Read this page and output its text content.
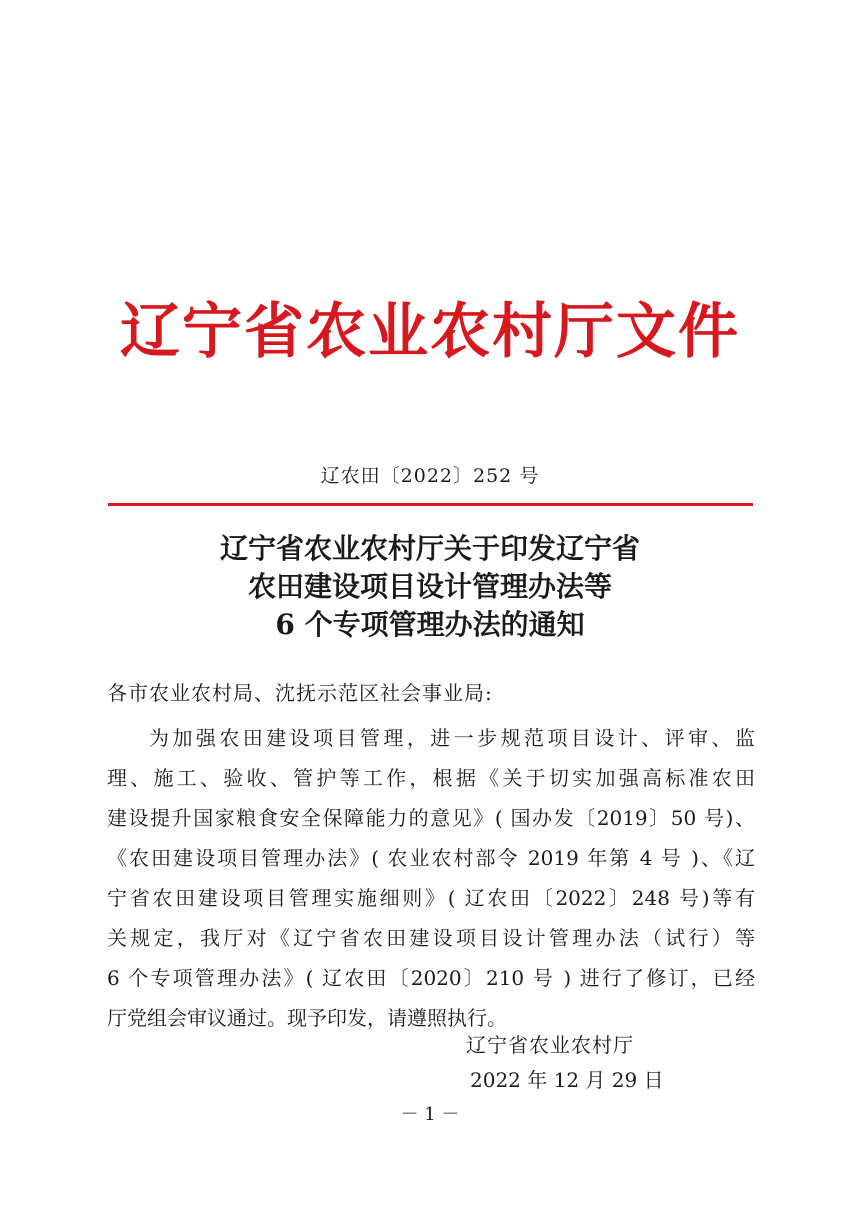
辽宁省农业农村厅文件
辽农田〔2022〕252 号
辽宁省农业农村厅关于印发辽宁省
农田建设项目设计管理办法等
6 个专项管理办法的通知
各市农业农村局、沈抚示范区社会事业局:
为加强农田建设项目管理，进一步规范项目设计、评审、监
理、施工、验收、管护等工作，根据《关于切实加强高标准农田
建设提升国家粮食安全保障能力的意见》( 国办发〔2019〕50 号)、
《农田建设项目管理办法》( 农业农村部令 2019 年第 4 号 )、《辽
宁省农田建设项目管理实施细则》( 辽农田〔2022〕248 号)等有
关规定，我厅对《辽宁省农田建设项目设计管理办法（试行）等
6 个专项管理办法》( 辽农田〔2020〕210 号 ) 进行了修订，已经
厅党组会审议通过。现予印发，请遵照执行。
辽宁省农业农村厅
2022 年 12 月 29 日
－ 1 －
